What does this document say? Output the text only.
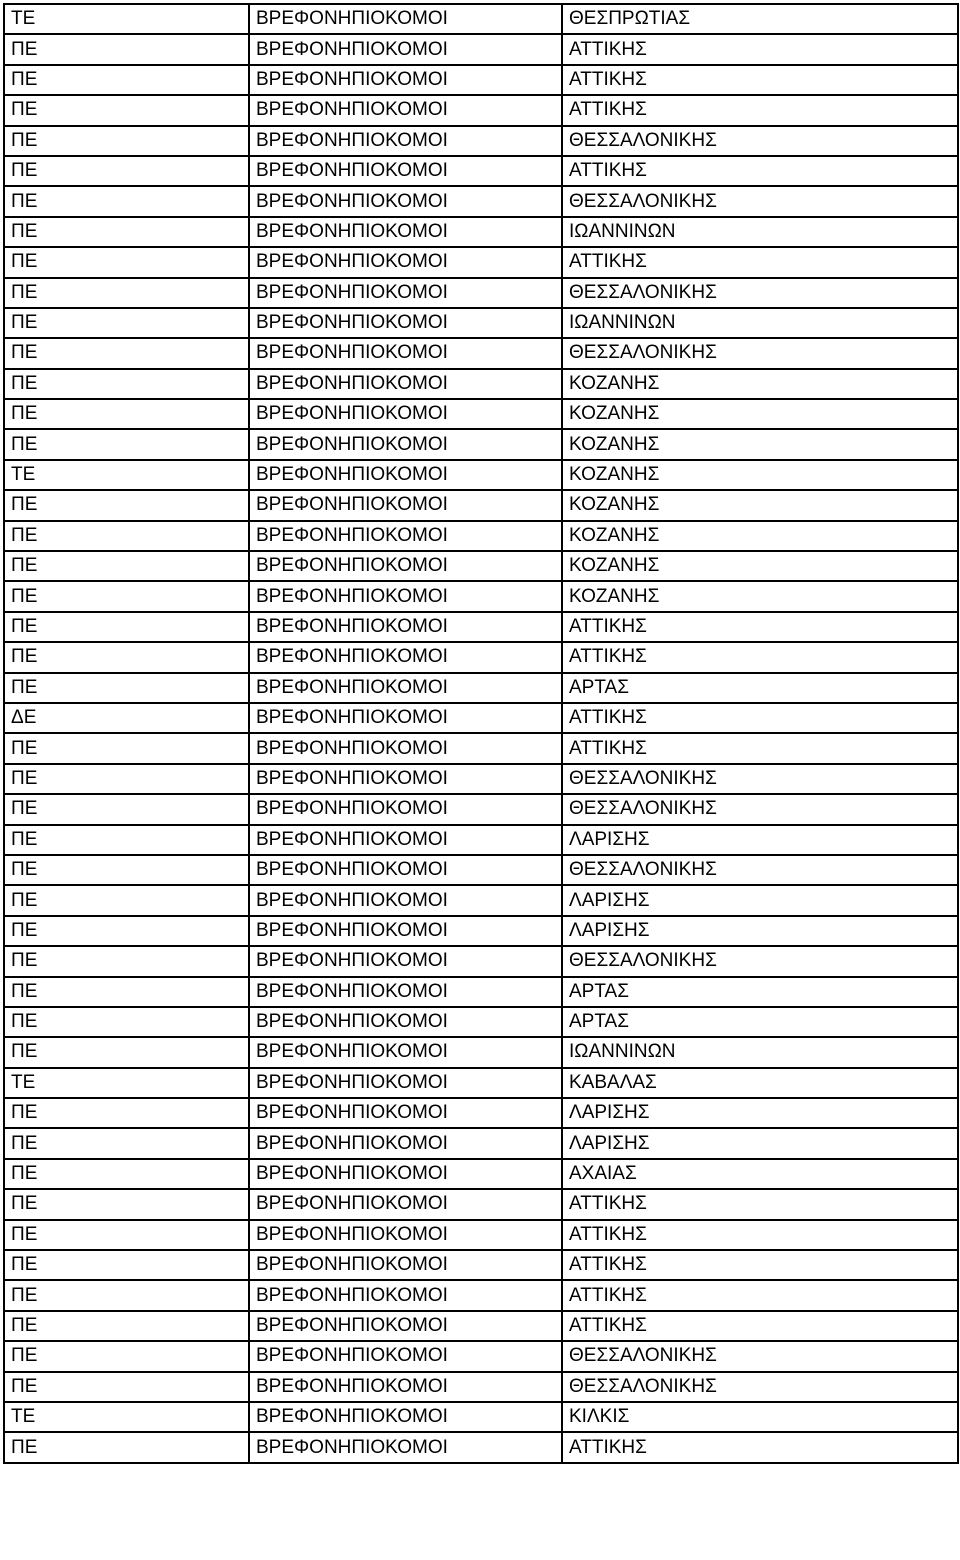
ΤΕ	ΒΡΕΦΟΝΗΠΙΟΚΟΜΟΙ	ΘΕΣΠΡΩΤΙΑΣ
ΠΕ	ΒΡΕΦΟΝΗΠΙΟΚΟΜΟΙ	ΑΤΤΙΚΗΣ
ΠΕ	ΒΡΕΦΟΝΗΠΙΟΚΟΜΟΙ	ΑΤΤΙΚΗΣ
ΠΕ	ΒΡΕΦΟΝΗΠΙΟΚΟΜΟΙ	ΑΤΤΙΚΗΣ
ΠΕ	ΒΡΕΦΟΝΗΠΙΟΚΟΜΟΙ	ΘΕΣΣΑΛΟΝΙΚΗΣ
ΠΕ	ΒΡΕΦΟΝΗΠΙΟΚΟΜΟΙ	ΑΤΤΙΚΗΣ
ΠΕ	ΒΡΕΦΟΝΗΠΙΟΚΟΜΟΙ	ΘΕΣΣΑΛΟΝΙΚΗΣ
ΠΕ	ΒΡΕΦΟΝΗΠΙΟΚΟΜΟΙ	ΙΩΑΝΝΙΝΩΝ
ΠΕ	ΒΡΕΦΟΝΗΠΙΟΚΟΜΟΙ	ΑΤΤΙΚΗΣ
ΠΕ	ΒΡΕΦΟΝΗΠΙΟΚΟΜΟΙ	ΘΕΣΣΑΛΟΝΙΚΗΣ
ΠΕ	ΒΡΕΦΟΝΗΠΙΟΚΟΜΟΙ	ΙΩΑΝΝΙΝΩΝ
ΠΕ	ΒΡΕΦΟΝΗΠΙΟΚΟΜΟΙ	ΘΕΣΣΑΛΟΝΙΚΗΣ
ΠΕ	ΒΡΕΦΟΝΗΠΙΟΚΟΜΟΙ	ΚΟΖΑΝΗΣ
ΠΕ	ΒΡΕΦΟΝΗΠΙΟΚΟΜΟΙ	ΚΟΖΑΝΗΣ
ΠΕ	ΒΡΕΦΟΝΗΠΙΟΚΟΜΟΙ	ΚΟΖΑΝΗΣ
ΤΕ	ΒΡΕΦΟΝΗΠΙΟΚΟΜΟΙ	ΚΟΖΑΝΗΣ
ΠΕ	ΒΡΕΦΟΝΗΠΙΟΚΟΜΟΙ	ΚΟΖΑΝΗΣ
ΠΕ	ΒΡΕΦΟΝΗΠΙΟΚΟΜΟΙ	ΚΟΖΑΝΗΣ
ΠΕ	ΒΡΕΦΟΝΗΠΙΟΚΟΜΟΙ	ΚΟΖΑΝΗΣ
ΠΕ	ΒΡΕΦΟΝΗΠΙΟΚΟΜΟΙ	ΚΟΖΑΝΗΣ
ΠΕ	ΒΡΕΦΟΝΗΠΙΟΚΟΜΟΙ	ΑΤΤΙΚΗΣ
ΠΕ	ΒΡΕΦΟΝΗΠΙΟΚΟΜΟΙ	ΑΤΤΙΚΗΣ
ΠΕ	ΒΡΕΦΟΝΗΠΙΟΚΟΜΟΙ	ΑΡΤΑΣ
ΔΕ	ΒΡΕΦΟΝΗΠΙΟΚΟΜΟΙ	ΑΤΤΙΚΗΣ
ΠΕ	ΒΡΕΦΟΝΗΠΙΟΚΟΜΟΙ	ΑΤΤΙΚΗΣ
ΠΕ	ΒΡΕΦΟΝΗΠΙΟΚΟΜΟΙ	ΘΕΣΣΑΛΟΝΙΚΗΣ
ΠΕ	ΒΡΕΦΟΝΗΠΙΟΚΟΜΟΙ	ΘΕΣΣΑΛΟΝΙΚΗΣ
ΠΕ	ΒΡΕΦΟΝΗΠΙΟΚΟΜΟΙ	ΛΑΡΙΣΗΣ
ΠΕ	ΒΡΕΦΟΝΗΠΙΟΚΟΜΟΙ	ΘΕΣΣΑΛΟΝΙΚΗΣ
ΠΕ	ΒΡΕΦΟΝΗΠΙΟΚΟΜΟΙ	ΛΑΡΙΣΗΣ
ΠΕ	ΒΡΕΦΟΝΗΠΙΟΚΟΜΟΙ	ΛΑΡΙΣΗΣ
ΠΕ	ΒΡΕΦΟΝΗΠΙΟΚΟΜΟΙ	ΘΕΣΣΑΛΟΝΙΚΗΣ
ΠΕ	ΒΡΕΦΟΝΗΠΙΟΚΟΜΟΙ	ΑΡΤΑΣ
ΠΕ	ΒΡΕΦΟΝΗΠΙΟΚΟΜΟΙ	ΑΡΤΑΣ
ΠΕ	ΒΡΕΦΟΝΗΠΙΟΚΟΜΟΙ	ΙΩΑΝΝΙΝΩΝ
ΤΕ	ΒΡΕΦΟΝΗΠΙΟΚΟΜΟΙ	ΚΑΒΑΛΑΣ
ΠΕ	ΒΡΕΦΟΝΗΠΙΟΚΟΜΟΙ	ΛΑΡΙΣΗΣ
ΠΕ	ΒΡΕΦΟΝΗΠΙΟΚΟΜΟΙ	ΛΑΡΙΣΗΣ
ΠΕ	ΒΡΕΦΟΝΗΠΙΟΚΟΜΟΙ	ΑΧΑΙΑΣ
ΠΕ	ΒΡΕΦΟΝΗΠΙΟΚΟΜΟΙ	ΑΤΤΙΚΗΣ
ΠΕ	ΒΡΕΦΟΝΗΠΙΟΚΟΜΟΙ	ΑΤΤΙΚΗΣ
ΠΕ	ΒΡΕΦΟΝΗΠΙΟΚΟΜΟΙ	ΑΤΤΙΚΗΣ
ΠΕ	ΒΡΕΦΟΝΗΠΙΟΚΟΜΟΙ	ΑΤΤΙΚΗΣ
ΠΕ	ΒΡΕΦΟΝΗΠΙΟΚΟΜΟΙ	ΑΤΤΙΚΗΣ
ΠΕ	ΒΡΕΦΟΝΗΠΙΟΚΟΜΟΙ	ΘΕΣΣΑΛΟΝΙΚΗΣ
ΠΕ	ΒΡΕΦΟΝΗΠΙΟΚΟΜΟΙ	ΘΕΣΣΑΛΟΝΙΚΗΣ
ΤΕ	ΒΡΕΦΟΝΗΠΙΟΚΟΜΟΙ	ΚΙΛΚΙΣ
ΠΕ	ΒΡΕΦΟΝΗΠΙΟΚΟΜΟΙ	ΑΤΤΙΚΗΣ
